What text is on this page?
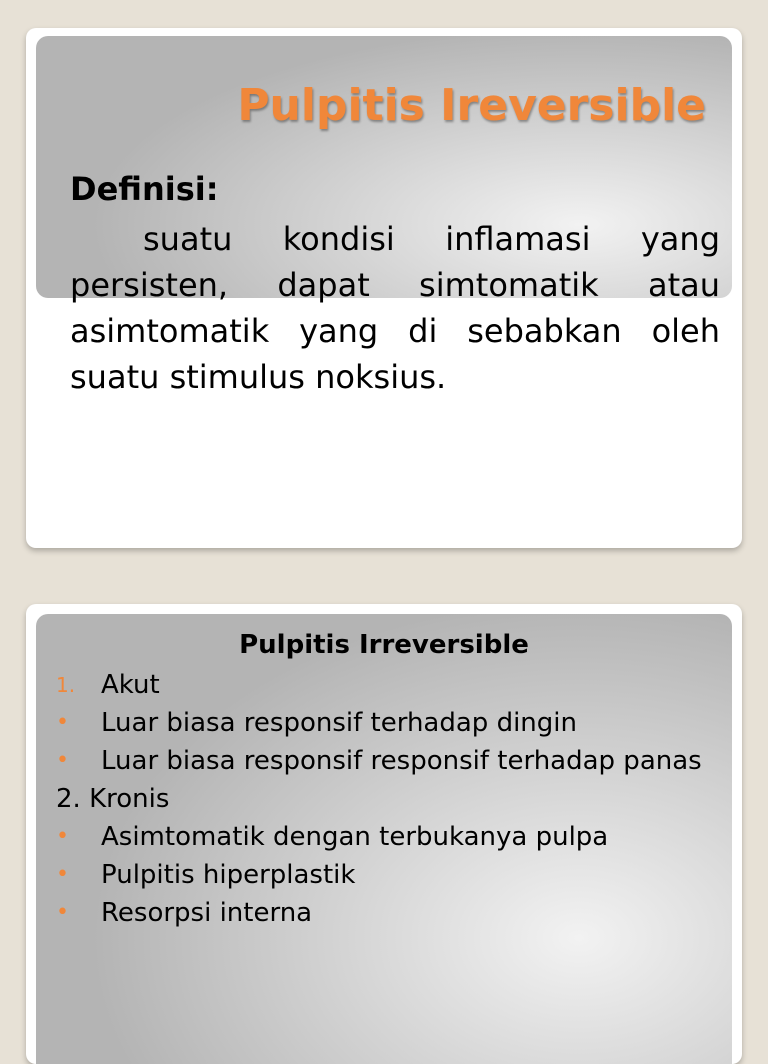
Pulpitis Ireversible
Definisi:
suatu kondisi inflamasi yang persisten, dapat simtomatik atau asimtomatik yang di sebabkan oleh suatu stimulus noksius.
Pulpitis Irreversible
1. Akut
•	Luar biasa responsif terhadap dingin
•	Luar biasa responsif responsif terhadap panas
2. Kronis
•	Asimtomatik dengan terbukanya pulpa
•	Pulpitis hiperplastik
•	Resorpsi interna
